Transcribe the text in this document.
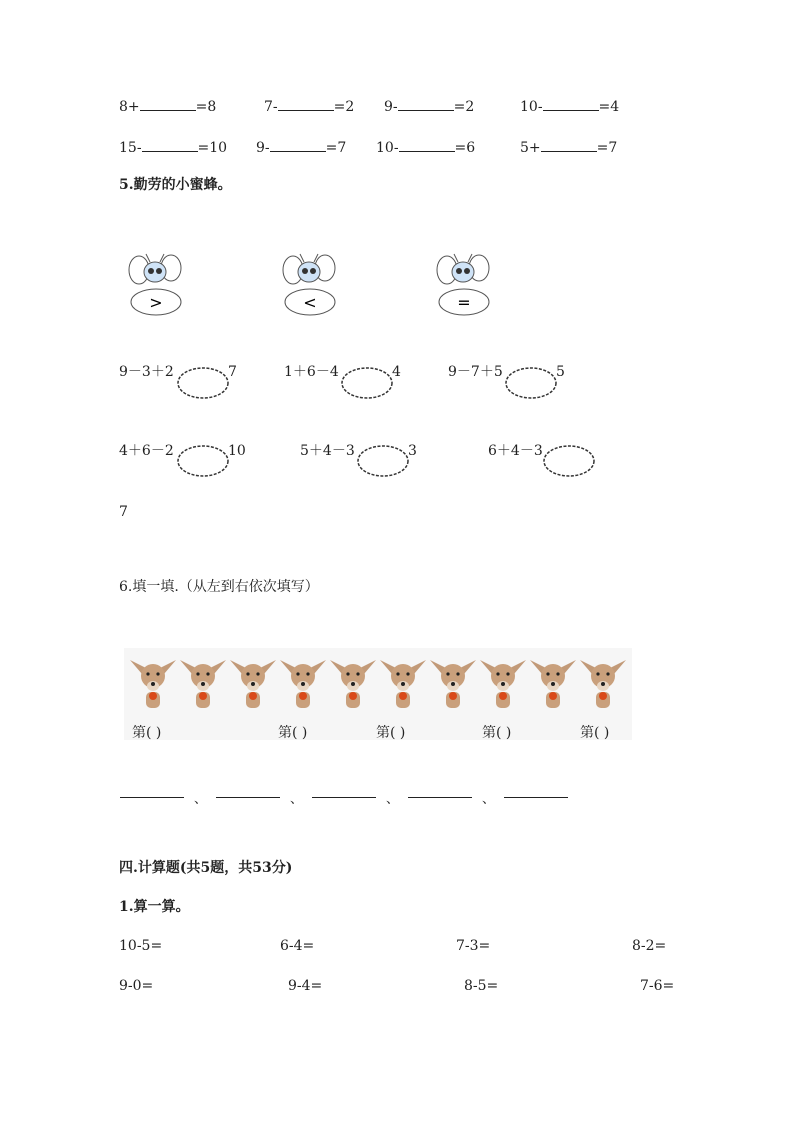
8+	=8	7-	=2 9-	=2	10-	=4
15-	=10 9-	=7 10-	=6	5+	=7
5.勤劳的小蜜蜂。
>	<	=
9－3＋2	7	1＋6－4	4	9－7＋5	5
4＋6－2	10	5＋4－3	3	6＋4－3
7
6.填一填.（从左到右依次填写）
第( )	第( )	第( )	第( )	第( )
、	、	、	、
四.计算题(共5题，共53分)
1.算一算。
10-5=	6-4=	7-3=	8-2=
9-0=	9-4=	8-5=	7-6=
